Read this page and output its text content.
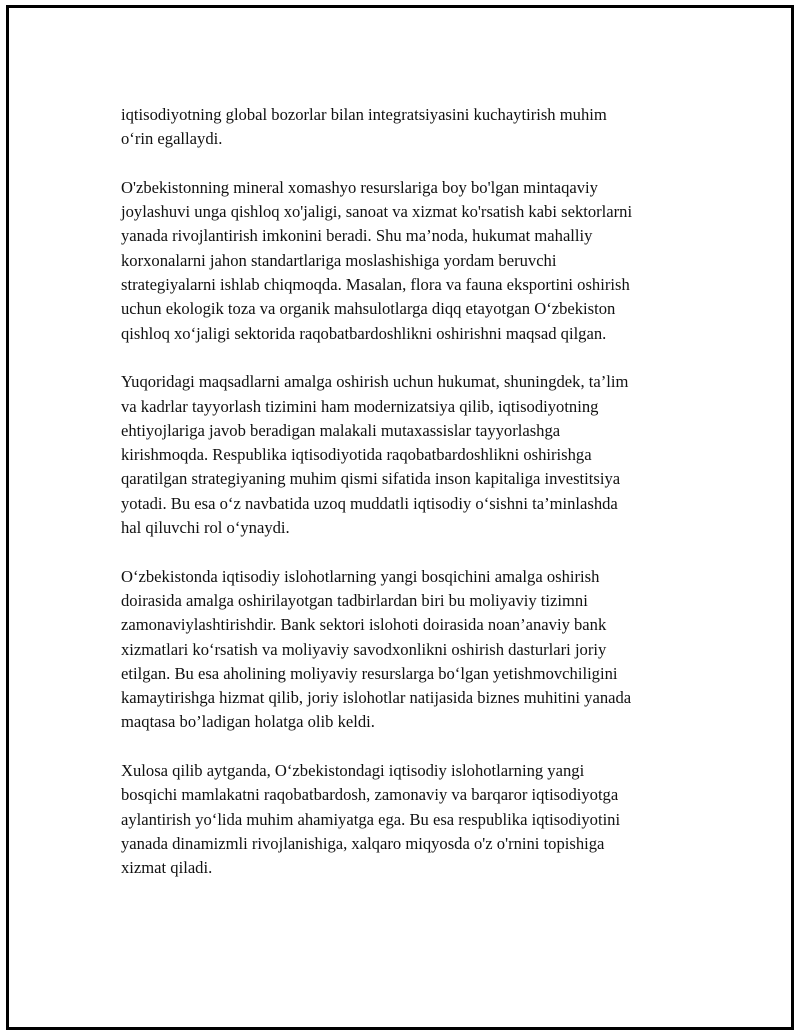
iqtisodiyotning global bozorlar bilan integratsiyasini kuchaytirish muhim
o‘rin egallaydi.

O'zbekistonning mineral xomashyo resurslariga boy bo'lgan mintaqaviy
joylashuvi unga qishloq xo'jaligi, sanoat va xizmat ko'rsatish kabi sektorlarni
yanada rivojlantirish imkonini beradi. Shu ma’noda, hukumat mahalliy
korxonalarni jahon standartlariga moslashishiga yordam beruvchi
strategiyalarni ishlab chiqmoqda. Masalan, flora va fauna eksportini oshirish
uchun ekologik toza va organik mahsulotlarga diqq etayotgan O‘zbekiston
qishloq xo‘jaligi sektorida raqobatbardoshlikni oshirishni maqsad qilgan.

Yuqoridagi maqsadlarni amalga oshirish uchun hukumat, shuningdek, ta’lim
va kadrlar tayyorlash tizimini ham modernizatsiya qilib, iqtisodiyotning
ehtiyojlariga javob beradigan malakali mutaxassislar tayyorlashga
kirishmoqda. Respublika iqtisodiyotida raqobatbardoshlikni oshirishga
qaratilgan strategiyaning muhim qismi sifatida inson kapitaliga investitsiya
yotadi. Bu esa o‘z navbatida uzoq muddatli iqtisodiy o‘sishni ta’minlashda
hal qiluvchi rol o‘ynaydi.

O‘zbekistonda iqtisodiy islohotlarning yangi bosqichini amalga oshirish
doirasida amalga oshirilayotgan tadbirlardan biri bu moliyaviy tizimni
zamonaviylashtirishdir. Bank sektori islohoti doirasida noan’anaviy bank
xizmatlari ko‘rsatish va moliyaviy savodxonlikni oshirish dasturlari joriy
etilgan. Bu esa aholining moliyaviy resurslarga bo‘lgan yetishmovchiligini
kamaytirishga hizmat qilib, joriy islohotlar natijasida biznes muhitini yanada
maqtasa bo’ladigan holatga olib keldi.

Xulosa qilib aytganda, O‘zbekistondagi iqtisodiy islohotlarning yangi
bosqichi mamlakatni raqobatbardosh, zamonaviy va barqaror iqtisodiyotga
aylantirish yo‘lida muhim ahamiyatga ega. Bu esa respublika iqtisodiyotini
yanada dinamizmli rivojlanishiga, xalqaro miqyosda o'z o'rnini topishiga
xizmat qiladi.
